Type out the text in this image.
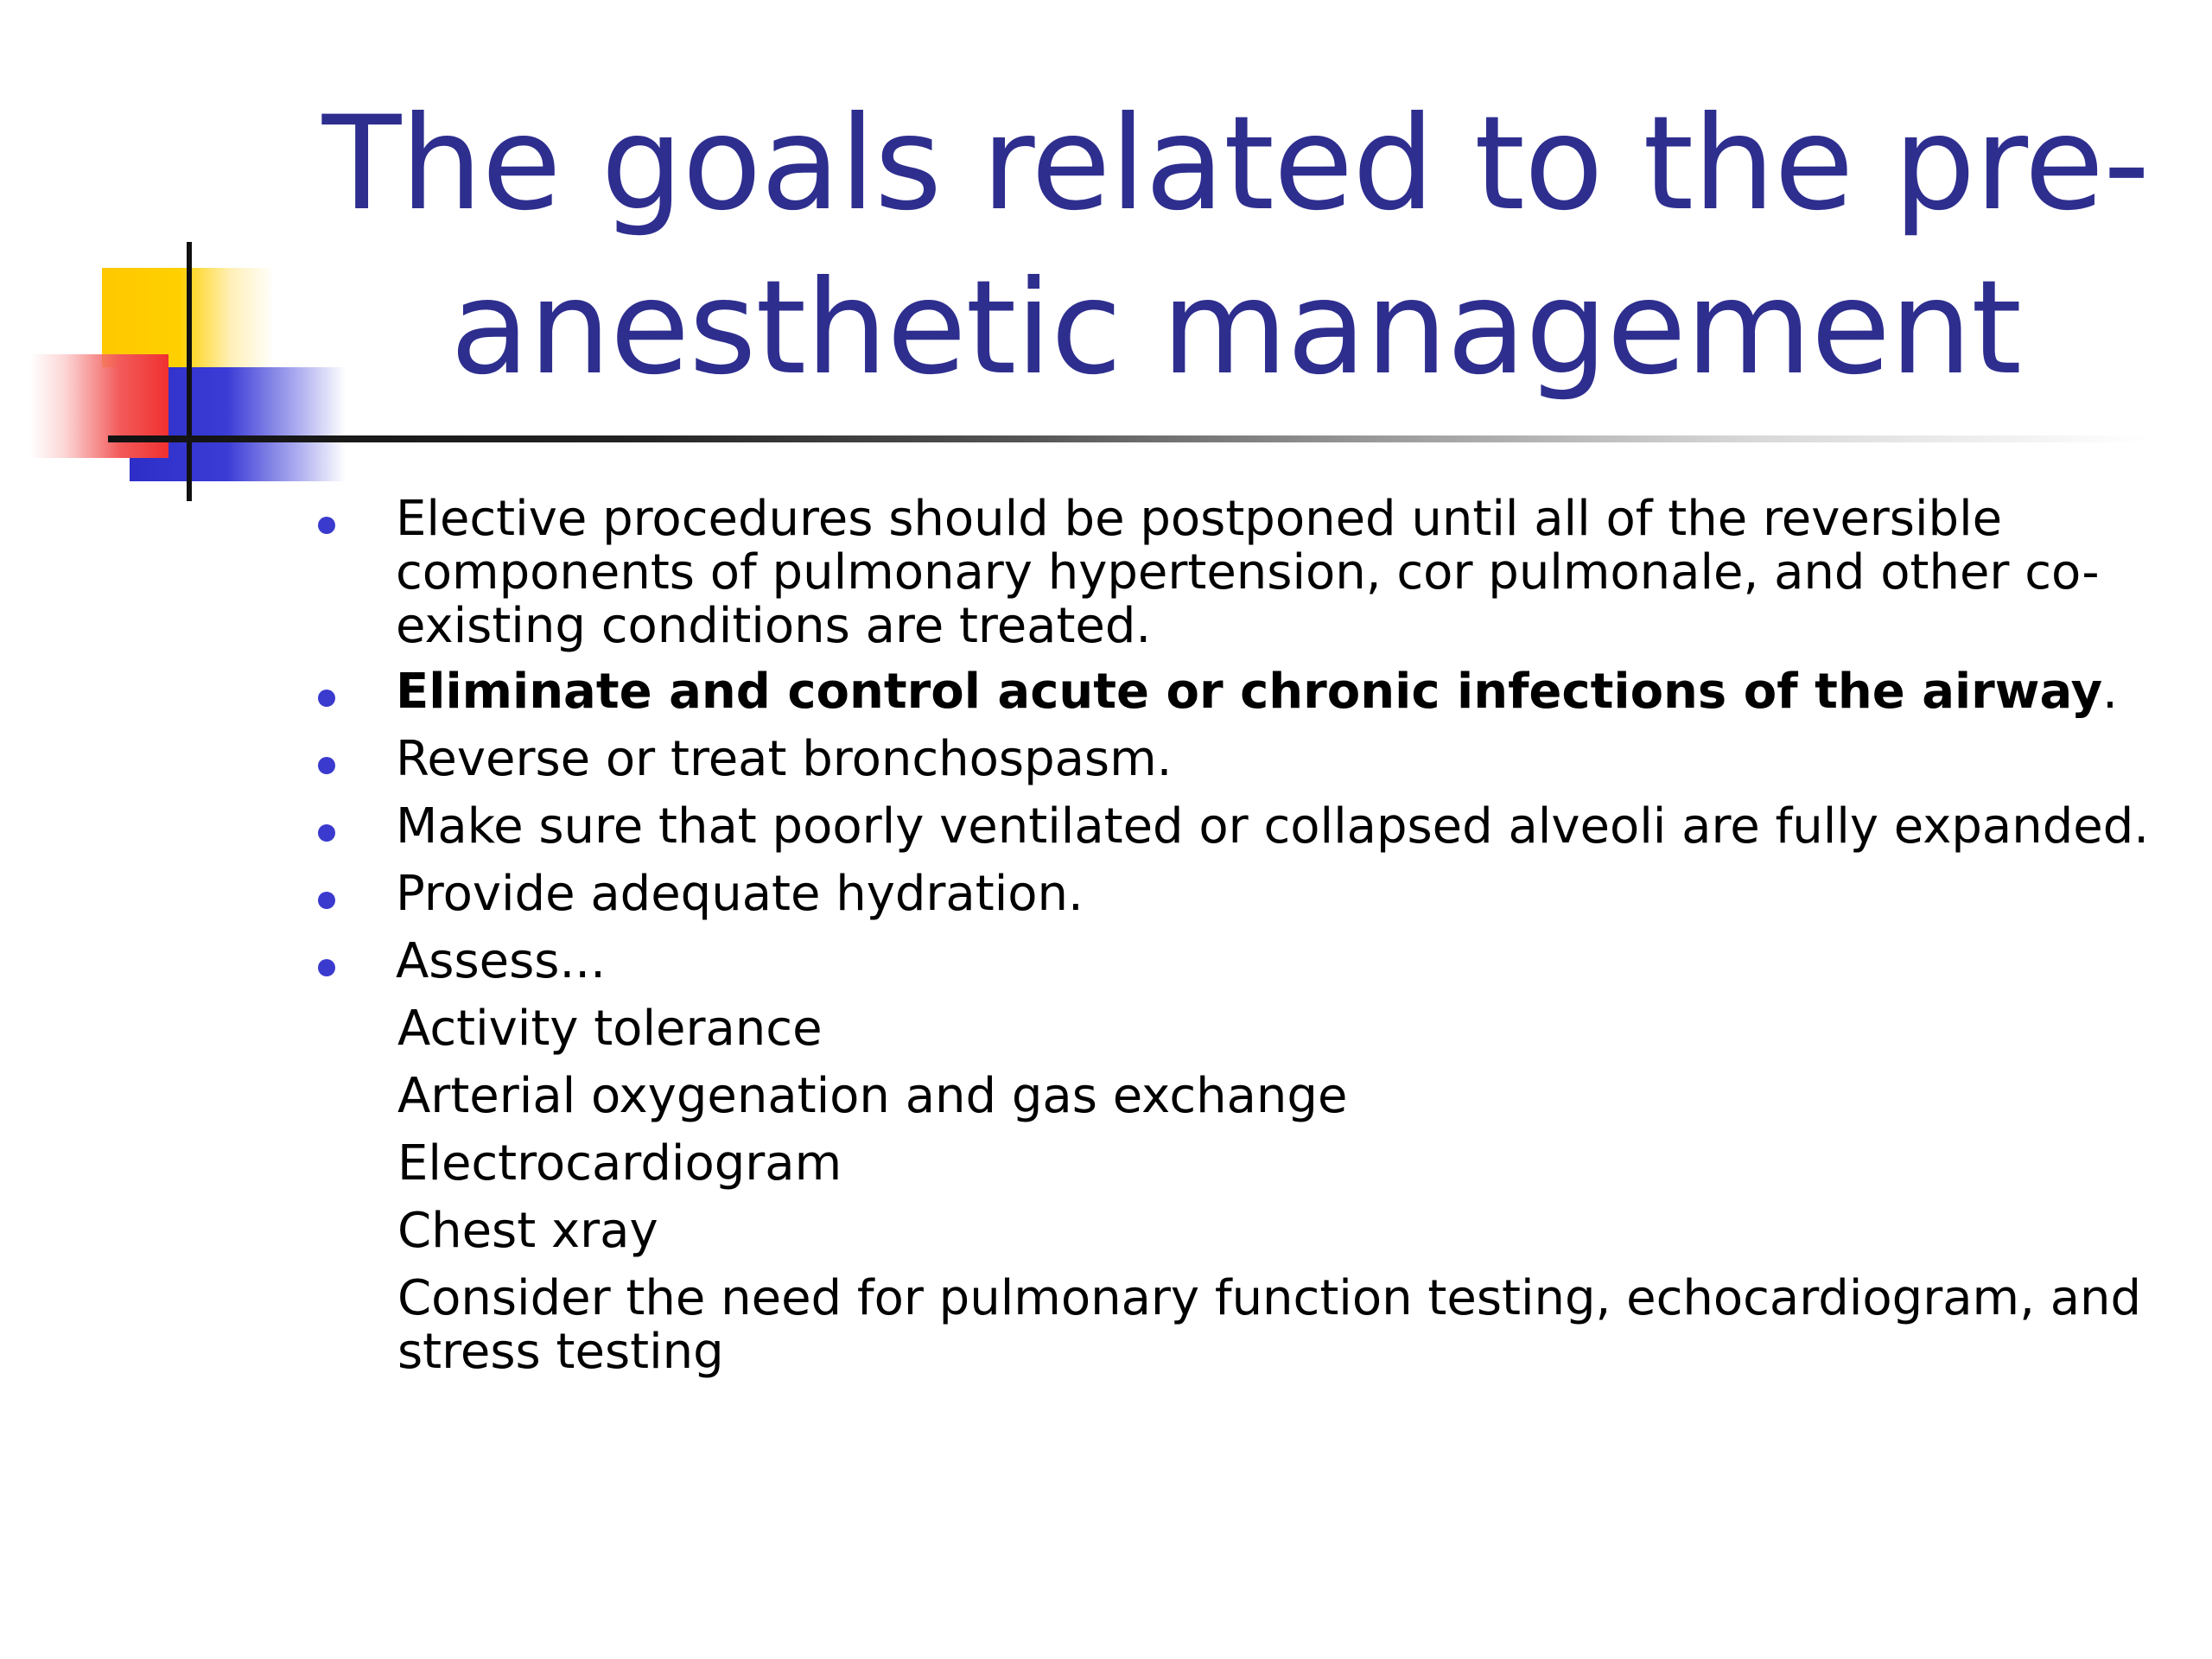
The goals related to the pre-
anesthetic management
Elective procedures should be postponed until all of the reversible components of pulmonary hypertension, cor pulmonale, and other co-existing conditions are treated.
Eliminate and control acute or chronic infections of the airway.
Reverse or treat bronchospasm.
Make sure that poorly ventilated or collapsed alveoli are fully expanded.
Provide adequate hydration.
Assess...
Activity tolerance
Arterial oxygenation and gas exchange
Electrocardiogram
Chest xray
Consider the need for pulmonary function testing, echocardiogram, and stress testing
